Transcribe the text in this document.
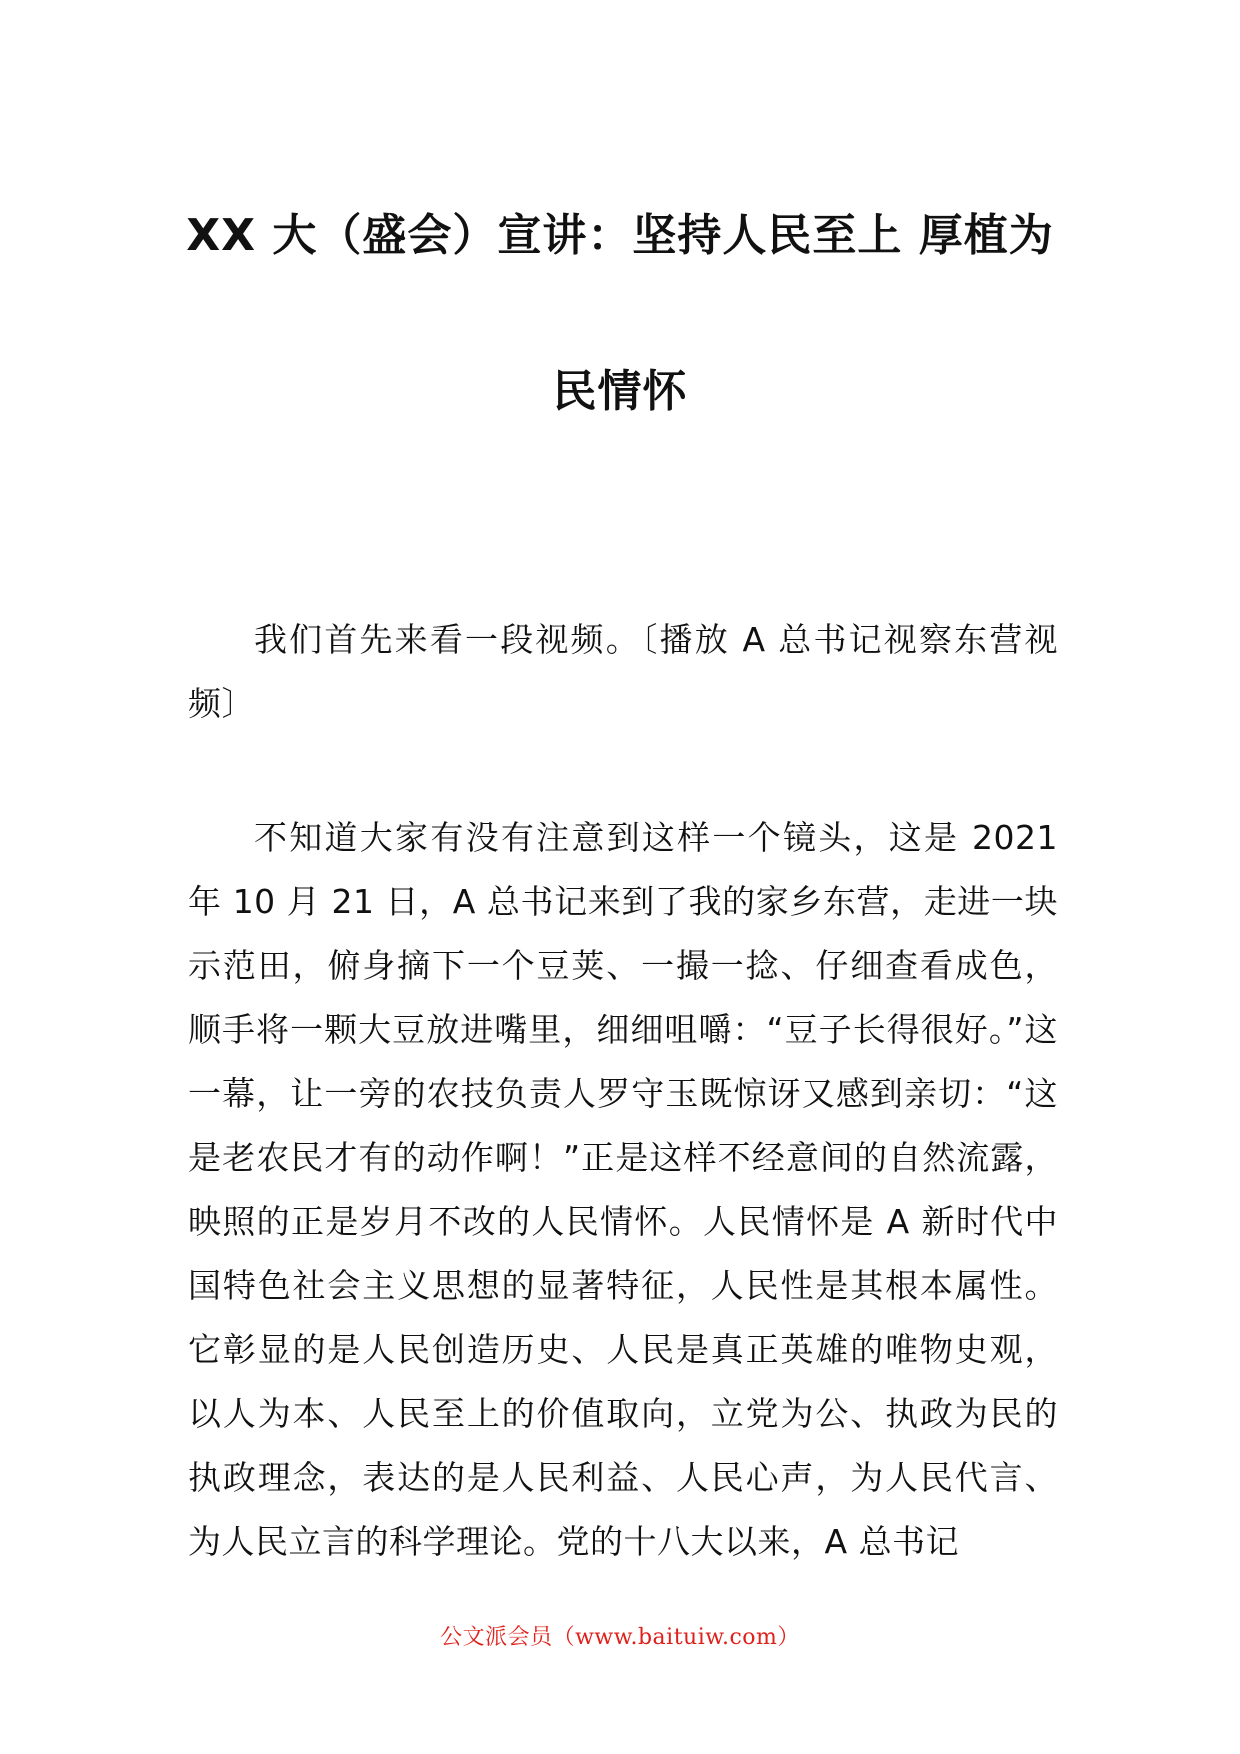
XX 大（盛会）宣讲：坚持人民至上 厚植为
民情怀

我们首先来看一段视频。〔播放 A 总书记视察东营视频〕

不知道大家有没有注意到这样一个镜头，这是 2021 年 10 月 21 日，A 总书记来到了我的家乡东营，走进一块示范田，俯身摘下一个豆荚、一撮一捻、仔细查看成色，顺手将一颗大豆放进嘴里，细细咀嚼：“豆子长得很好。”这一幕，让一旁的农技负责人罗守玉既惊讶又感到亲切：“这是老农民才有的动作啊！”正是这样不经意间的自然流露，映照的正是岁月不改的人民情怀。人民情怀是 A 新时代中国特色社会主义思想的显著特征，人民性是其根本属性。它彰显的是人民创造历史、人民是真正英雄的唯物史观，以人为本、人民至上的价值取向，立党为公、执政为民的执政理念，表达的是人民利益、人民心声，为人民代言、为人民立言的科学理论。党的十八大以来，A 总书记

公文派会员（www.baituiw.com）
